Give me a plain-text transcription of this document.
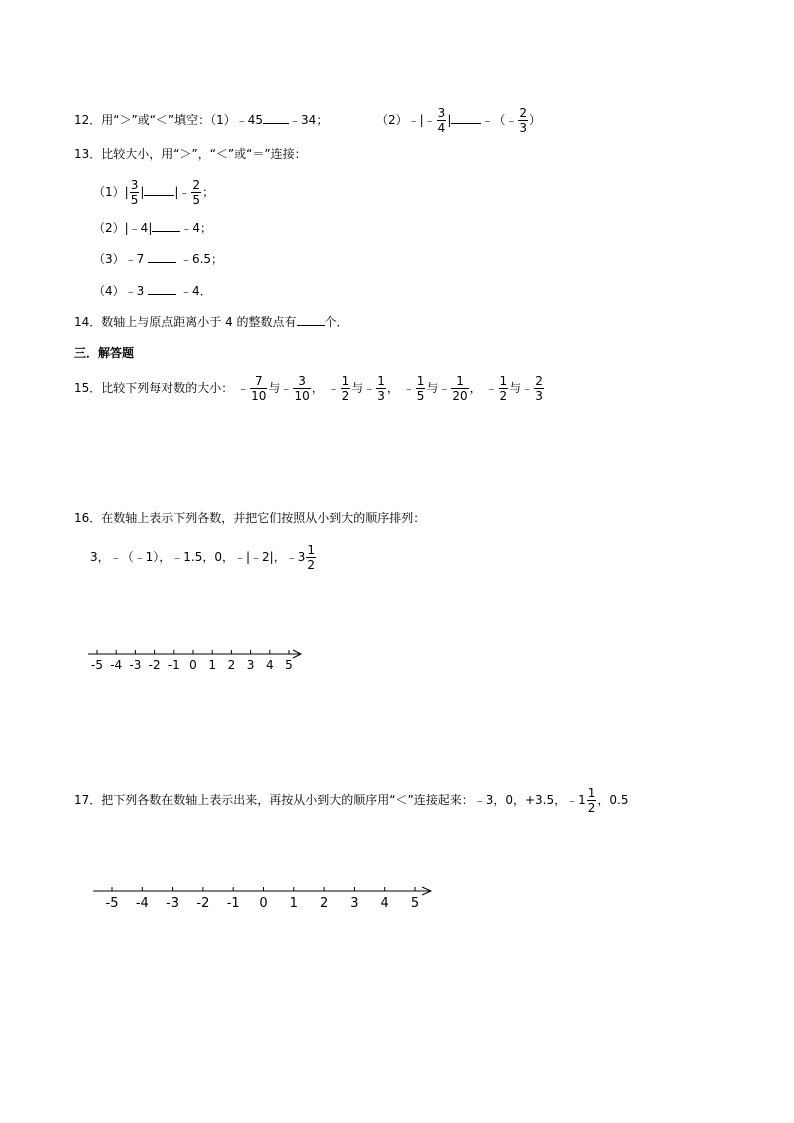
12．用“＞”或“＜”填空：（1）﹣45 ﹣34；	（2）﹣|﹣ $\frac{3}{4}$ |	﹣（﹣ $\frac{2}{3}$ ）
13．比较大小，用“＞”，“＜”或“＝”连接：
$(1)| \frac{3}{5}$ |	|﹣ $\frac{2}{5}$ ；
（2）|﹣4| ﹣4；
（3）﹣7	﹣6.5；
（4）﹣3	﹣4．
14．数轴上与原点距离小于 4 的整数点有 个．
三．解答题
15．比较下列每对数的大小： ﹣ $\frac{7}{10}$ 与﹣ $\frac{3}{10}$ ， ﹣ $\frac{1}{2}$ 与﹣ $\frac{1}{3}$ ， ﹣ $\frac{1}{5}$ 与﹣ $\frac{1}{20}$ ， ﹣ $\frac{1}{2}$ 与﹣ $\frac{2}{3}$
16．在数轴上表示下列各数，并把它们按照从小到大的顺序排列：
3，﹣（﹣1），﹣1.5，0，﹣|﹣2|，﹣3 $\frac{1}{2}$
-5 -4 -3 -2 -1 0 1 2 3 4 5
17．把下列各数在数轴上表示出来，再按从小到大的顺序用“＜”连接起来：﹣3，0，+3.5，﹣1 $\frac{1}{2}$ ，0.5
-5 -4 -3 -2 -1 0 1 2 3 4 5
